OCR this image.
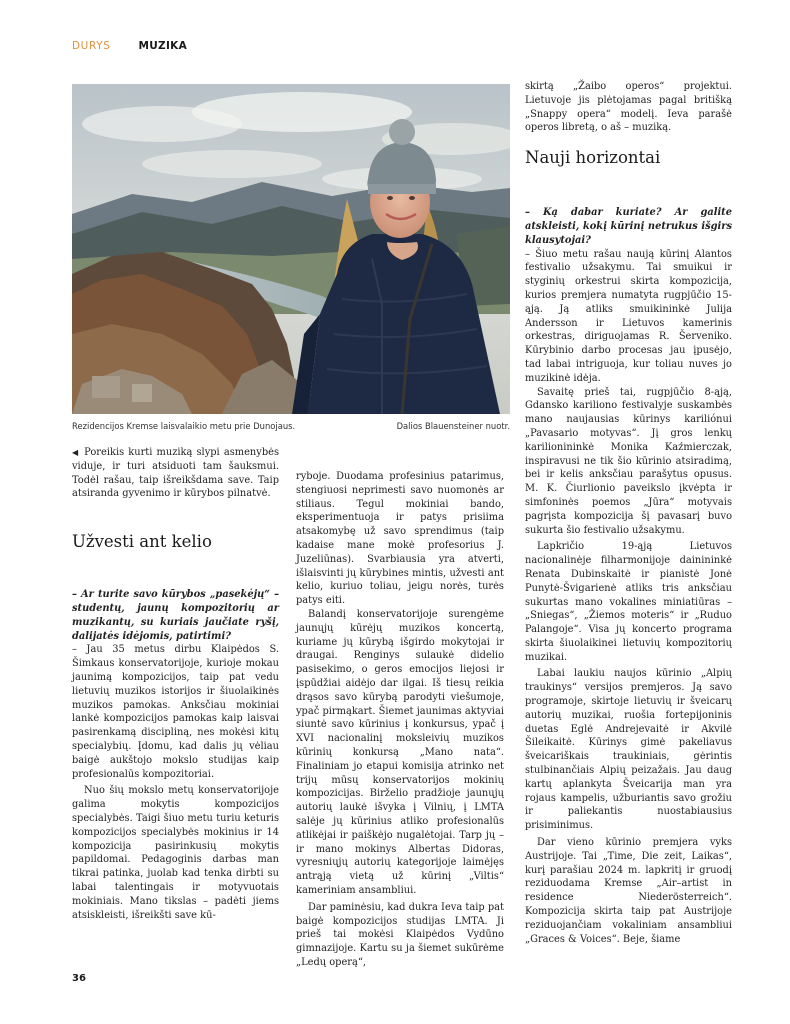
DURYS	MUZIKA
Rezidencijos Kremse laisvalaikio metu prie Dunojaus.	Dalios Blauensteiner nuotr.

◀ Poreikis kurti muziką slypi asmenybės viduje, ir turi atsiduoti tam šauksmui. Todėl rašau, taip išreikšdama save. Taip atsiranda gyvenimo ir kūrybos pilnatvė.

Užvesti ant kelio

– Ar turite savo kūrybos „pasekėjų“ – studentų, jaunų kompozitorių ar muzikantų, su kuriais jaučiate ryšį, dalijatės idėjomis, patirtimi?

– Jau 35 metus dirbu Klaipėdos S. Šimkaus konservatorijoje, kurioje mokau jaunimą kompozicijos, taip pat vedu lietuvių muzikos istorijos ir šiuolaikinės muzikos pamokas. Anksčiau mokiniai lankė kompozicijos pamokas kaip laisvai pasirenkamą discipliną, nes mokėsi kitų specialybių. Įdomu, kad dalis jų vėliau baigė aukštojo mokslo studijas kaip profesionalūs kompozitoriai.

Nuo šių mokslo metų konservatorijoje galima mokytis kompozicijos specialybės. Taigi šiuo metu turiu keturis kompozicijos specialybės mokinius ir 14 kompozicija pasirinkusių mokytis papildomai. Pedagoginis darbas man tikrai patinka, juolab kad tenka dirbti su labai talentingais ir motyvuotais mokiniais. Mano tikslas – padėti jiems atsiskleisti, išreikšti save kū-

ryboje. Duodama profesinius patarimus, stengiuosi neprimesti savo nuomonės ar stiliaus. Tegul mokiniai bando, eksperimentuoja ir patys prisiima atsakomybę už savo sprendimus (taip kadaise mane mokė profesorius J. Juzeliūnas). Svarbiausia yra atverti, išlaisvinti jų kūrybines mintis, užvesti ant kelio, kuriuo toliau, jeigu norės, turės patys eiti.

Balandį konservatorijoje surengėme jaunųjų kūrėjų muzikos koncertą, kuriame jų kūrybą išgirdo mokytojai ir draugai. Renginys sulaukė didelio pasisekimo, o geros emocijos liejosi ir įspūdžiai aidėjo dar ilgai. Iš tiesų reikia drąsos savo kūrybą parodyti viešumoje, ypač pirmąkart. Šiemet jaunimas aktyviai siuntė savo kūrinius į konkursus, ypač į XVI nacionalinį moksleivių muzikos kūrinių konkursą „Mano nata“. Finaliniam jo etapui komisija atrinko net trijų mūsų konservatorijos mokinių kompozicijas. Birželio pradžioje jaunųjų autorių laukė išvyka į Vilnių, į LMTA salėje jų kūrinius atliko profesionalūs atlikėjai ir paiškėjo nugalėtojai. Tarp jų – ir mano mokinys Albertas Didoras, vyresniųjų autorių kategorijoje laimėjęs antrąją vietą už kūrinį „Viltis“ kameriniam ansambliui.

Dar paminėsiu, kad dukra Ieva taip pat baigė kompozicijos studijas LMTA. Ji prieš tai mokėsi Klaipėdos Vydūno gimnazijoje. Kartu su ja šiemet sukūrėme „Ledų operą“,

skirtą „Žaibo operos“ projektui. Lietuvoje jis plėtojamas pagal britišką „Snappy opera“ modelį. Ieva parašė operos libretą, o aš – muziką.

Nauji horizontai

– Ką dabar kuriate? Ar galite atskleisti, kokį kūrinį netrukus išgirs klausytojai?

– Šiuo metu rašau naują kūrinį Alantos festivalio užsakymu. Tai smuikui ir styginių orkestrui skirta kompozicija, kurios premjera numatyta rugpjūčio 15-ąją. Ją atliks smuikininkė Julija Andersson ir Lietuvos kamerinis orkestras, diriguojamas R. Šervenikо. Kūrybinio darbo procesas jau įpusėjo, tad labai intriguoja, kur toliau nuves jo muzikinė idėja.

Savaitę prieš tai, rugpjūčio 8-ąją, Gdansko kariliono festivalyje suskambės mano naujausias kūrinys kariliónui „Pavasario motyvas“. Jį gros lenkų karilionininkė Monika Kaźmierczak, inspiravusi ne tik šio kūrinio atsiradimą, bei ir kelis anksčiau parašytus opusus. M. K. Čiurlionio paveikslo įkvėpta ir simfoninės poemos „Jūra“ motyvais pagrįsta kompozicija šį pavasarį buvo sukurta šio festivalio užsakymu.

Lapkričio 19-ąją Lietuvos nacionalinėje filharmonijoje dainininkė Renata Dubinskaitė ir pianistė Jonė Punytė-Švigarienė atliks tris anksčiau sukurtas mano vokalines miniatiūras – „Sniegas“, „Žiemos moteris“ ir „Ruduo Palangoje“. Visa jų koncerto programa skirta šiuolaikinei lietuvių kompozitorių muzikai.

Labai laukiu naujos kūrinio „Alpių traukinys“ versijos premjeros. Ją savo programoje, skirtoje lietuvių ir šveicarų autorių muzikai, ruošia fortepijoninis duetas Eglė Andrejevaitė ir Akvilė Šileikaitė. Kūrinys gimė pakeliavus šveicariškais traukiniais, gėrintis stulbinančiais Alpių peizažais. Jau daug kartų aplankyta Šveicarija man yra rojaus kampelis, užburiantis savo grožiu ir paliekantis nuostabiausius prisiminimus.

Dar vieno kūrinio premjera vyks Austrijoje. Tai „Time, Die zeit, Laikas“, kurį parašiau 2024 m. lapkritį ir gruodį reziduodama Kremse „Air–artist in residence Niederösterreich“. Kompozicija skirta taip pat Austrijoje reziduojančiam vokaliniam ansambliui „Graces & Voices“. Beje, šiame

36
